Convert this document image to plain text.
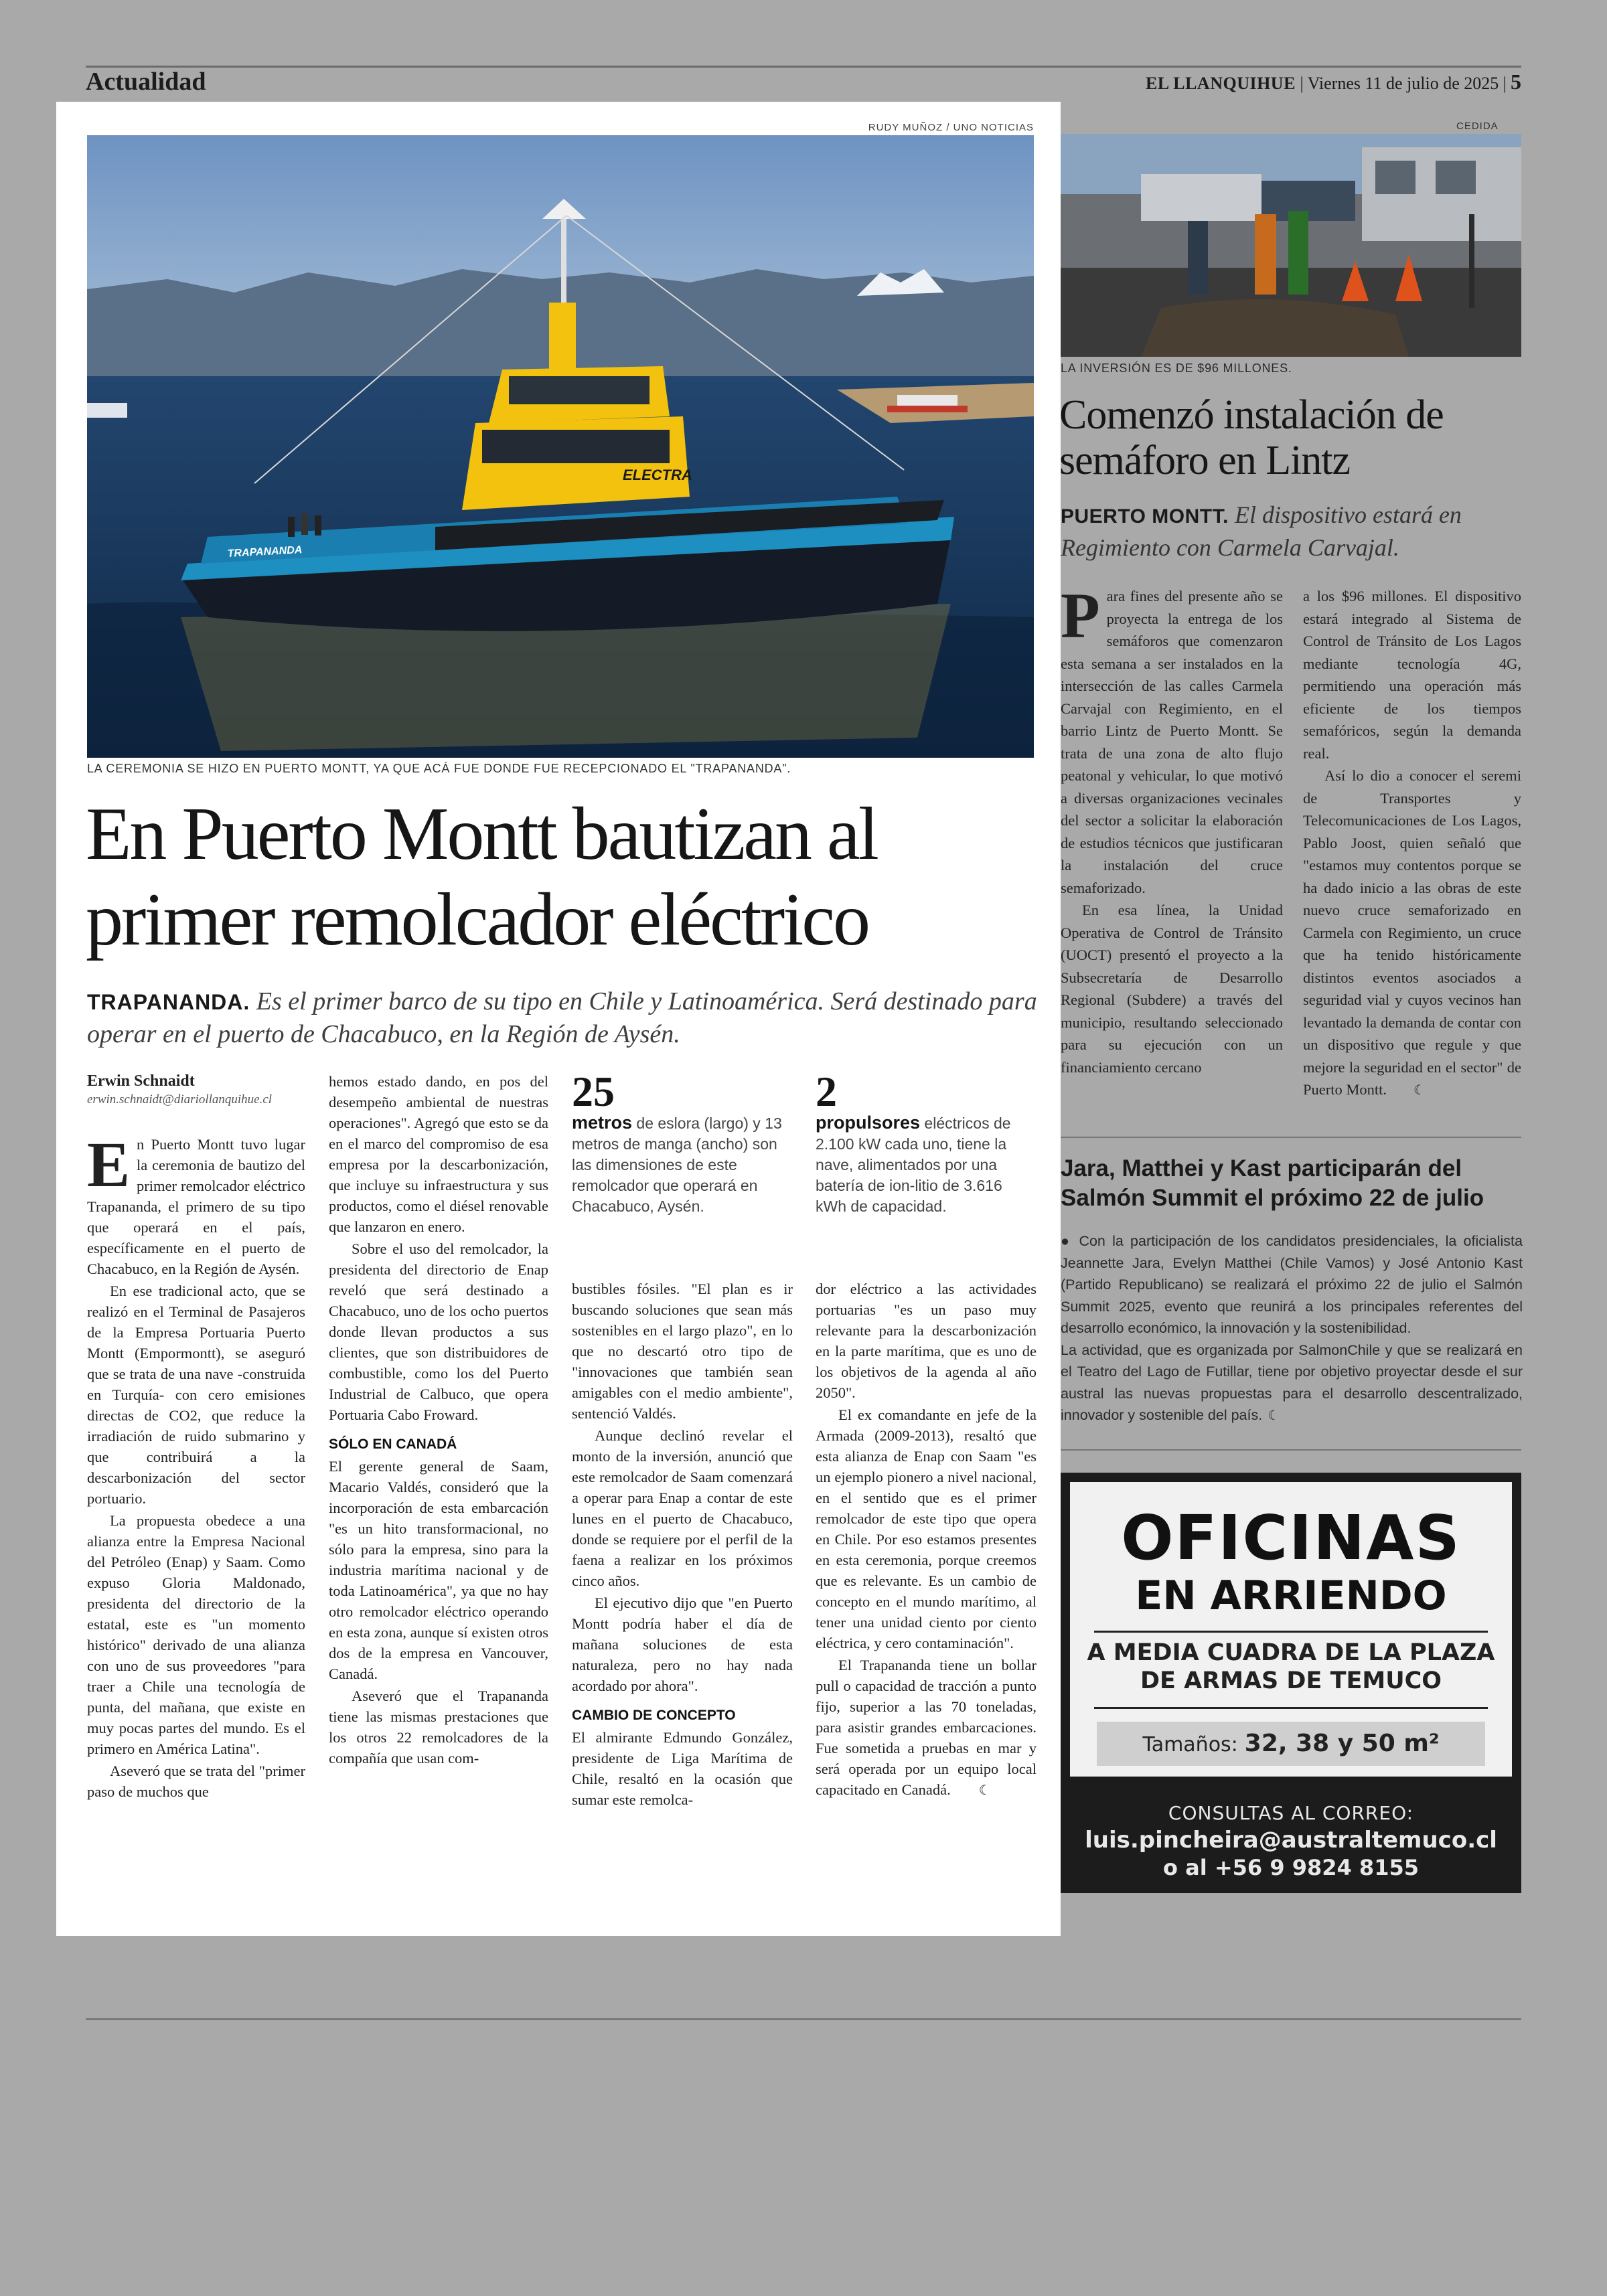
Actualidad	EL LLANQUIHUE | Viernes 11 de julio de 2025 | 5
RUDY MUÑOZ / UNO NOTICIAS
ELECTRA
TRAPANANDA
LA CEREMONIA SE HIZO EN PUERTO MONTT, YA QUE ACÁ FUE DONDE FUE RECEPCIONADO EL "TRAPANANDA".
En Puerto Montt bautizan al primer remolcador eléctrico
TRAPANANDA. Es el primer barco de su tipo en Chile y Latinoamérica. Será destinado para operar en el puerto de Chacabuco, en la Región de Aysén.
Erwin Schnaidt
erwin.schnaidt@diariollanquihue.cl

En Puerto Montt tuvo lugar la ceremonia de bautizo del primer remolcador eléctrico Trapananda, el primero de su tipo que operará en el país, específicamente en el puerto de Chacabuco, en la Región de Aysén.

En ese tradicional acto, que se realizó en el Terminal de Pasajeros de la Empresa Portuaria Puerto Montt (Empormontt), se aseguró que se trata de una nave -construida en Turquía- con cero emisiones directas de CO2, que reduce la irradiación de ruido submarino y que contribuirá a la descarbonización del sector portuario.

La propuesta obedece a una alianza entre la Empresa Nacional del Petróleo (Enap) y Saam. Como expuso Gloria Maldonado, presidenta del directorio de la estatal, este es "un momento histórico" derivado de una alianza con uno de sus proveedores "para traer a Chile una tecnología de punta, del mañana, que existe en muy pocas partes del mundo. Es el primero en América Latina".

Aseveró que se trata del "primer paso de muchos que

hemos estado dando, en pos del desempeño ambiental de nuestras operaciones". Agregó que esto se da en el marco del compromiso de esa empresa por la descarbonización, que incluye su infraestructura y sus productos, como el diésel renovable que lanzaron en enero.

Sobre el uso del remolcador, la presidenta del directorio de Enap reveló que será destinado a Chacabuco, uno de los ocho puertos donde llevan productos a sus clientes, que son distribuidores de combustible, como los del Puerto Industrial de Calbuco, que opera Portuaria Cabo Froward.

SÓLO EN CANADÁ

El gerente general de Saam, Macario Valdés, consideró que la incorporación de esta embarcación "es un hito transformacional, no sólo para la empresa, sino para la industria marítima nacional y de toda Latinoamérica", ya que no hay otro remolcador eléctrico operando en esta zona, aunque sí existen otros dos de la empresa en Vancouver, Canadá.

Aseveró que el Trapananda tiene las mismas prestaciones que los otros 22 remolcadores de la compañía que usan com-

25
metros de eslora (largo) y 13 metros de manga (ancho) son las dimensiones de este remolcador que operará en Chacabuco, Aysén.
2
propulsores eléctricos de 2.100 kW cada uno, tiene la nave, alimentados por una batería de ion-litio de 3.616 kWh de capacidad.

bustibles fósiles. "El plan es ir buscando soluciones que sean más sostenibles en el largo plazo", en lo que no descartó otro tipo de "innovaciones que también sean amigables con el medio ambiente", sentenció Valdés.

Aunque declinó revelar el monto de la inversión, anunció que este remolcador de Saam comenzará a operar para Enap a contar de este lunes en el puerto de Chacabuco, donde se requiere por el perfil de la faena a realizar en los próximos cinco años.

El ejecutivo dijo que "en Puerto Montt podría haber el día de mañana soluciones de esta naturaleza, pero no hay nada acordado por ahora".

CAMBIO DE CONCEPTO

El almirante Edmundo González, presidente de Liga Marítima de Chile, resaltó en la ocasión que sumar este remolca-

dor eléctrico a las actividades portuarias "es un paso muy relevante para la descarbonización en la parte marítima, que es uno de los objetivos de la agenda al año 2050".

El ex comandante en jefe de la Armada (2009-2013), resaltó que esta alianza de Enap con Saam "es un ejemplo pionero a nivel nacional, en el sentido que es el primer remolcador de este tipo que opera en Chile. Por eso estamos presentes en esta ceremonia, porque creemos que es relevante. Es un cambio de concepto en el mundo marítimo, al tener una unidad ciento por ciento eléctrica, y cero contaminación".

El Trapananda tiene un bollar pull o capacidad de tracción a punto fijo, superior a las 70 toneladas, para asistir grandes embarcaciones. Fue sometida a pruebas en mar y será operada por un equipo local capacitado en Canadá. ☾

CEDIDA
LA INVERSIÓN ES DE $96 MILLONES.
Comenzó instalación de semáforo en Lintz
PUERTO MONTT. El dispositivo estará en Regimiento con Carmela Carvajal.

Para fines del presente año se proyecta la entrega de los semáforos que comenzaron esta semana a ser instalados en la intersección de las calles Carmela Carvajal con Regimiento, en el barrio Lintz de Puerto Montt. Se trata de una zona de alto flujo peatonal y vehicular, lo que motivó a diversas organizaciones vecinales del sector a solicitar la elaboración de estudios técnicos que justificaran la instalación del cruce semaforizado.

En esa línea, la Unidad Operativa de Control de Tránsito (UOCT) presentó el proyecto a la Subsecretaría de Desarrollo Regional (Subdere) a través del municipio, resultando seleccionado para su ejecución con un financiamiento cercano

a los $96 millones. El dispositivo estará integrado al Sistema de Control de Tránsito de Los Lagos mediante tecnología 4G, permitiendo una operación más eficiente de los tiempos semafóricos, según la demanda real.

Así lo dio a conocer el seremi de Transportes y Telecomunicaciones de Los Lagos, Pablo Joost, quien señaló que "estamos muy contentos porque se ha dado inicio a las obras de este nuevo cruce semaforizado en Carmela con Regimiento, un cruce que ha tenido históricamente distintos eventos asociados a seguridad vial y cuyos vecinos han levantado la demanda de contar con un dispositivo que regule y que mejore la seguridad en el sector" de Puerto Montt. ☾

Jara, Matthei y Kast participarán del Salmón Summit el próximo 22 de julio

● Con la participación de los candidatos presidenciales, la oficialista Jeannette Jara, Evelyn Matthei (Chile Vamos) y José Antonio Kast (Partido Republicano) se realizará el próximo 22 de julio el Salmón Summit 2025, evento que reunirá a los principales referentes del desarrollo económico, la innovación y la sostenibilidad.

La actividad, que es organizada por SalmonChile y que se realizará en el Teatro del Lago de Futillar, tiene por objetivo proyectar desde el sur austral las nuevas propuestas para el desarrollo descentralizado, innovador y sostenible del país. ☾

OFICINAS
EN ARRIENDO
A MEDIA CUADRA DE LA PLAZA DE ARMAS DE TEMUCO
Tamaños: 32, 38 y 50 m²
CONSULTAS AL CORREO:
luis.pincheira@australtemuco.cl
o al +56 9 9824 8155
